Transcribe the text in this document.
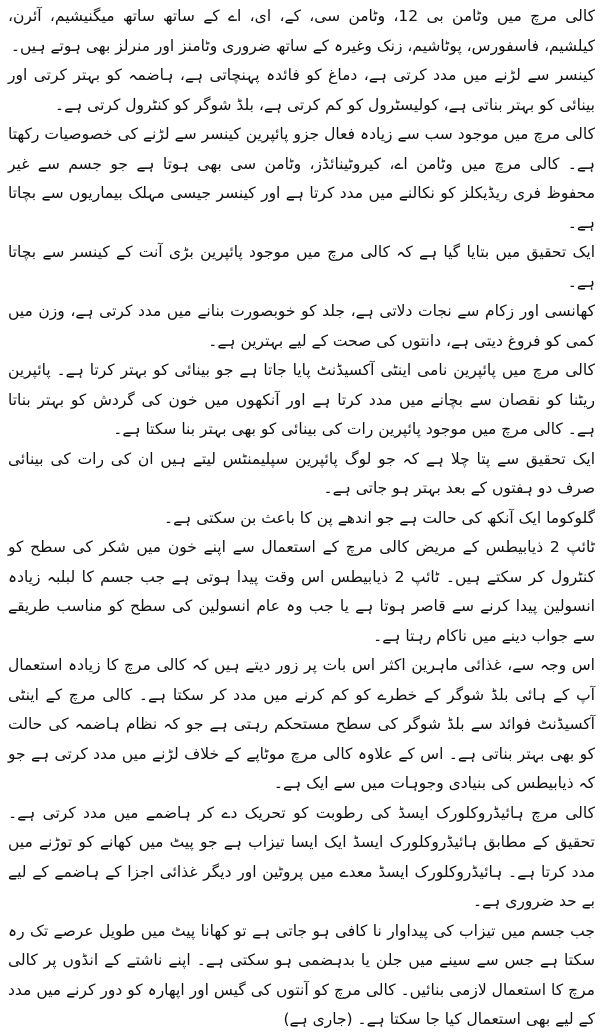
کالی مرچ میں وٹامن بی 12، وٹامن سی، کے، ای، اے کے ساتھ ساتھ میگنیشیم، آئرن، کیلشیم، فاسفورس، پوٹاشیم، زنک وغیرہ کے ساتھ ضروری وٹامنز اور منرلز بھی ہوتے ہیں۔

کینسر سے لڑنے میں مدد کرتی ہے، دماغ کو فائدہ پہنچاتی ہے، ہاضمہ کو بہتر کرتی اور بینائی کو بہتر بناتی ہے، کولیسٹرول کو کم کرتی ہے، بلڈ شوگر کو کنٹرول کرتی ہے۔

کالی مرچ میں موجود سب سے زیادہ فعال جزو پائپرین کینسر سے لڑنے کی خصوصیات رکھتا ہے۔ کالی مرچ میں وٹامن اے، کیروٹینائڈز، وٹامن سی بھی ہوتا ہے جو جسم سے غیر محفوظ فری ریڈیکلز کو نکالنے میں مدد کرتا ہے اور کینسر جیسی مہلک بیماریوں سے بچاتا ہے۔

ایک تحقیق میں بتایا گیا ہے کہ کالی مرچ میں موجود پائپرین بڑی آنت کے کینسر سے بچاتا ہے۔

کھانسی اور زکام سے نجات دلاتی ہے، جلد کو خوبصورت بنانے میں مدد کرتی ہے، وزن میں کمی کو فروغ دیتی ہے، دانتوں کی صحت کے لیے بہترین ہے۔

کالی مرچ میں پائپرین نامی اینٹی آکسیڈنٹ پایا جاتا ہے جو بینائی کو بہتر کرتا ہے۔ پائپرین ریٹنا کو نقصان سے بچانے میں مدد کرتا ہے اور آنکھوں میں خون کی گردش کو بہتر بناتا ہے۔ کالی مرچ میں موجود پائپرین رات کی بینائی کو بھی بہتر بنا سکتا ہے۔

ایک تحقیق سے پتا چلا ہے کہ جو لوگ پائپرین سپلیمنٹس لیتے ہیں ان کی رات کی بینائی صرف دو ہفتوں کے بعد بہتر ہو جاتی ہے۔

گلوکوما ایک آنکھ کی حالت ہے جو اندھے پن کا باعث بن سکتی ہے۔

ٹائپ 2 ذیابیطس کے مریض کالی مرچ کے استعمال سے اپنے خون میں شکر کی سطح کو کنٹرول کر سکتے ہیں۔ ٹائپ 2 ذیابیطس اس وقت پیدا ہوتی ہے جب جسم کا لبلبہ زیادہ انسولین پیدا کرنے سے قاصر ہوتا ہے یا جب وہ عام انسولین کی سطح کو مناسب طریقے سے جواب دینے میں ناکام رہتا ہے۔

اس وجہ سے، غذائی ماہرین اکثر اس بات پر زور دیتے ہیں کہ کالی مرچ کا زیادہ استعمال آپ کے ہائی بلڈ شوگر کے خطرے کو کم کرنے میں مدد کر سکتا ہے۔ کالی مرچ کے اینٹی آکسیڈنٹ فوائد سے بلڈ شوگر کی سطح مستحکم رہتی ہے جو کہ نظام ہاضمہ کی حالت کو بھی بہتر بناتی ہے۔ اس کے علاوہ کالی مرچ موٹاپے کے خلاف لڑنے میں مدد کرتی ہے جو کہ ذیابیطس کی بنیادی وجوہات میں سے ایک ہے۔

کالی مرچ ہائیڈروکلورک ایسڈ کی رطوبت کو تحریک دے کر ہاضمے میں مدد کرتی ہے۔ تحقیق کے مطابق ہائیڈروکلورک ایسڈ ایک ایسا تیزاب ہے جو پیٹ میں کھانے کو توڑنے میں مدد کرتا ہے۔ ہائیڈروکلورک ایسڈ معدے میں پروٹین اور دیگر غذائی اجزا کے ہاضمے کے لیے بے حد ضروری ہے۔

جب جسم میں تیزاب کی پیداوار نا کافی ہو جاتی ہے تو کھانا پیٹ میں طویل عرصے تک رہ سکتا ہے جس سے سینے میں جلن یا بدہضمی ہو سکتی ہے۔ اپنے ناشتے کے انڈوں پر کالی مرچ کا استعمال لازمی بنائیں۔ کالی مرچ کو آنتوں کی گیس اور اپھارہ کو دور کرنے میں مدد کے لیے بھی استعمال کیا جا سکتا ہے۔ (جاری ہے)
